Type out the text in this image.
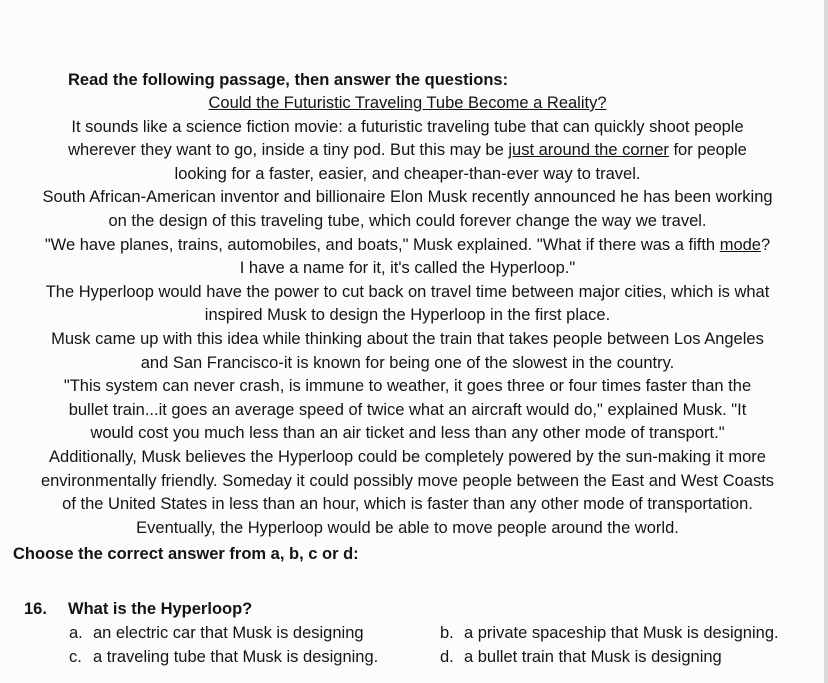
Read the following passage, then answer the questions:
Could the Futuristic Traveling Tube Become a Reality?
It sounds like a science fiction movie: a futuristic traveling tube that can quickly shoot people
wherever they want to go, inside a tiny pod. But this may be just around the corner for people
looking for a faster, easier, and cheaper-than-ever way to travel.
South African-American inventor and billionaire Elon Musk recently announced he has been working
on the design of this traveling tube, which could forever change the way we travel.
"We have planes, trains, automobiles, and boats," Musk explained. "What if there was a fifth mode?
I have a name for it, it's called the Hyperloop."
The Hyperloop would have the power to cut back on travel time between major cities, which is what
inspired Musk to design the Hyperloop in the first place.
Musk came up with this idea while thinking about the train that takes people between Los Angeles
and San Francisco-it is known for being one of the slowest in the country.
"This system can never crash, is immune to weather, it goes three or four times faster than the
bullet train...it goes an average speed of twice what an aircraft would do," explained Musk. "It
would cost you much less than an air ticket and less than any other mode of transport."
Additionally, Musk believes the Hyperloop could be completely powered by the sun-making it more
environmentally friendly. Someday it could possibly move people between the East and West Coasts
of the United States in less than an hour, which is faster than any other mode of transportation.
Eventually, the Hyperloop would be able to move people around the world.
Choose the correct answer from a, b, c or d:
16. What is the Hyperloop?
a. an electric car that Musk is designing	b. a private spaceship that Musk is designing.
c. a traveling tube that Musk is designing.	d. a bullet train that Musk is designing
